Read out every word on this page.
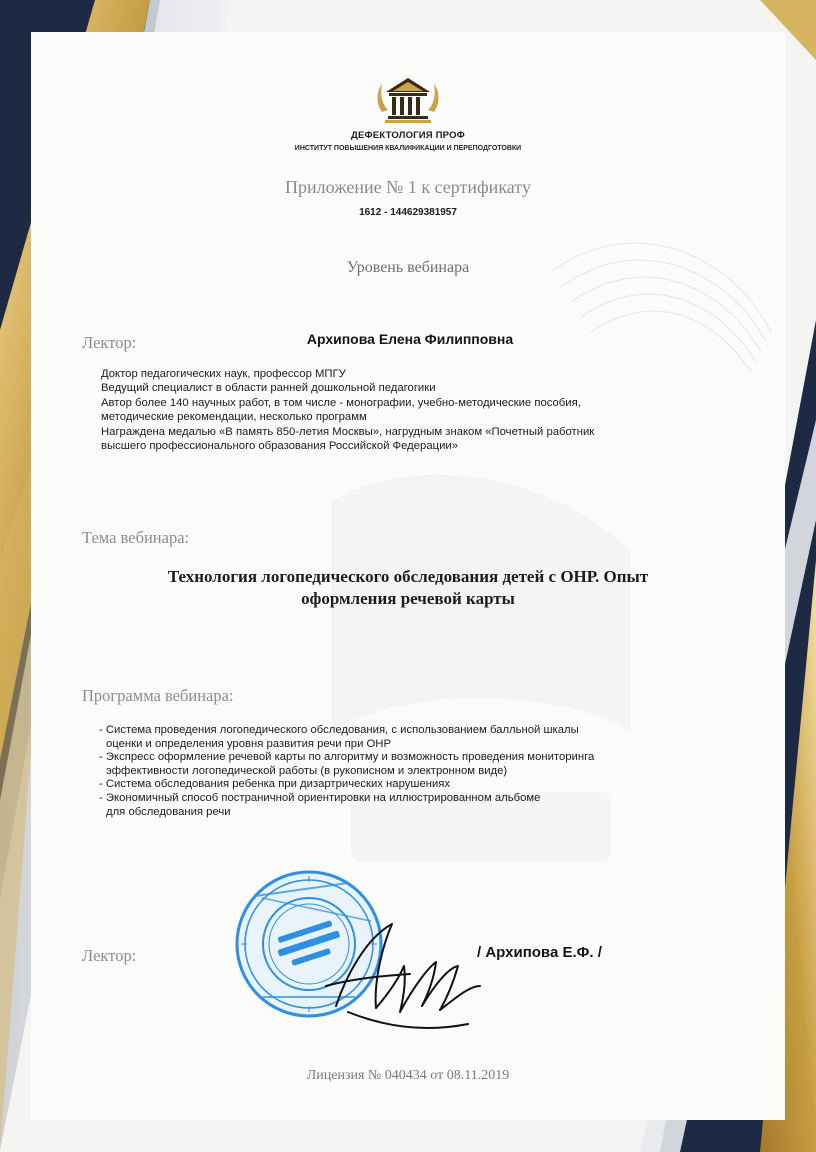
ДЕФЕКТОЛОГИЯ ПРОФ
ИНСТИТУТ ПОВЫШЕНИЯ КВАЛИФИКАЦИИ И ПЕРЕПОДГОТОВКИ
Приложение № 1 к сертификату
1612 - 144629381957
Уровень вебинара
Лектор:	Архипова Елена Филипповна
Доктор педагогических наук, профессор МПГУ
Ведущий специалист в области ранней дошкольной педагогики
Автор более 140 научных работ, в том числе - монографии, учебно-методические пособия,
методические рекомендации, несколько программ
Награждена медалью «В память 850-летия Москвы», нагрудным знаком «Почетный работник
высшего профессионального образования Российской Федерации»
Тема вебинара:
Технология логопедического обследования детей с ОНР. Опыт
оформления речевой карты
Программа вебинара:
- Система проведения логопедического обследования, с использованием балльной шкалы
оценки и определения уровня развития речи при ОНР
- Экспресс оформление речевой карты по алгоритму и возможность проведения мониторинга
эффективности логопедической работы (в рукописном и электронном виде)
- Система обследования ребенка при дизартрических нарушениях
- Экономичный способ постраничной ориентировки на иллюстрированном альбоме
для обследования речи
Лектор:	/ Архипова Е.Ф. /
Лицензия № 040434 от 08.11.2019
